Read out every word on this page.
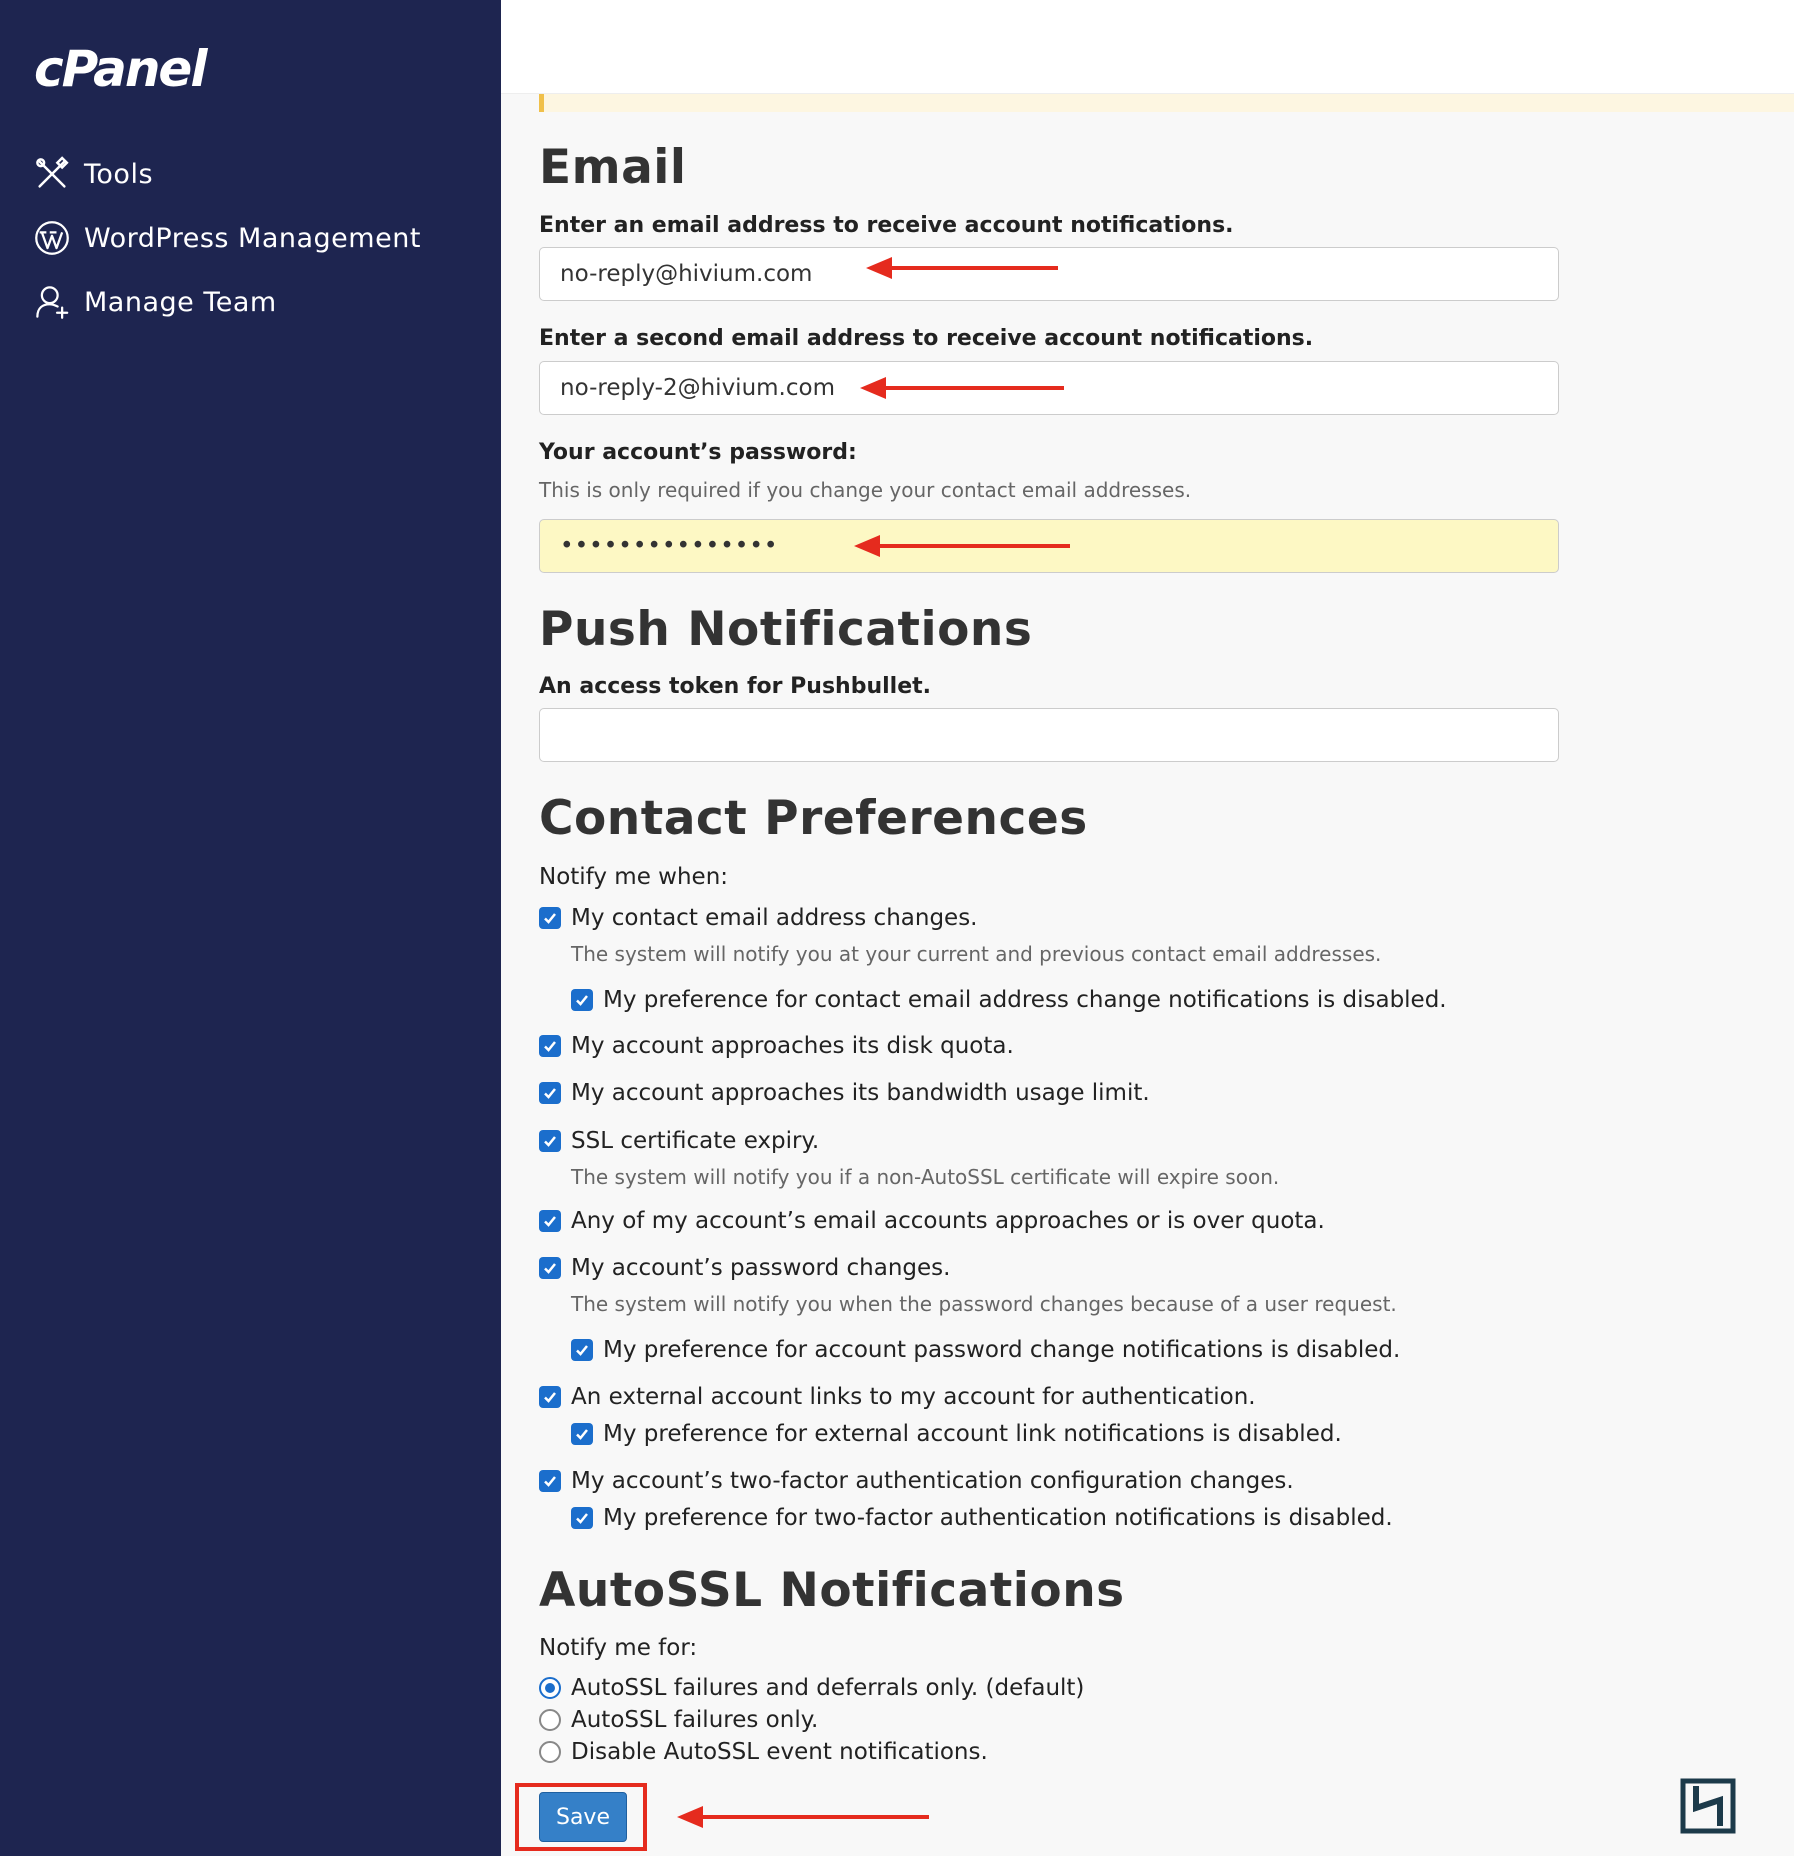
cPanel
Tools
WordPress Management
Manage Team
Email
Enter an email address to receive account notifications.
no-reply@hivium.com
Enter a second email address to receive account notifications.
no-reply-2@hivium.com
Your account’s password:
This is only required if you change your contact email addresses.
•••••••••••••••
Push Notifications
An access token for Pushbullet.
Contact Preferences
Notify me when:
My contact email address changes.
The system will notify you at your current and previous contact email addresses.
My preference for contact email address change notifications is disabled.
My account approaches its disk quota.
My account approaches its bandwidth usage limit.
SSL certificate expiry.
The system will notify you if a non-AutoSSL certificate will expire soon.
Any of my account’s email accounts approaches or is over quota.
My account’s password changes.
The system will notify you when the password changes because of a user request.
My preference for account password change notifications is disabled.
An external account links to my account for authentication.
My preference for external account link notifications is disabled.
My account’s two-factor authentication configuration changes.
My preference for two-factor authentication notifications is disabled.
AutoSSL Notifications
Notify me for:
AutoSSL failures and deferrals only. (default)
AutoSSL failures only.
Disable AutoSSL event notifications.
Save
